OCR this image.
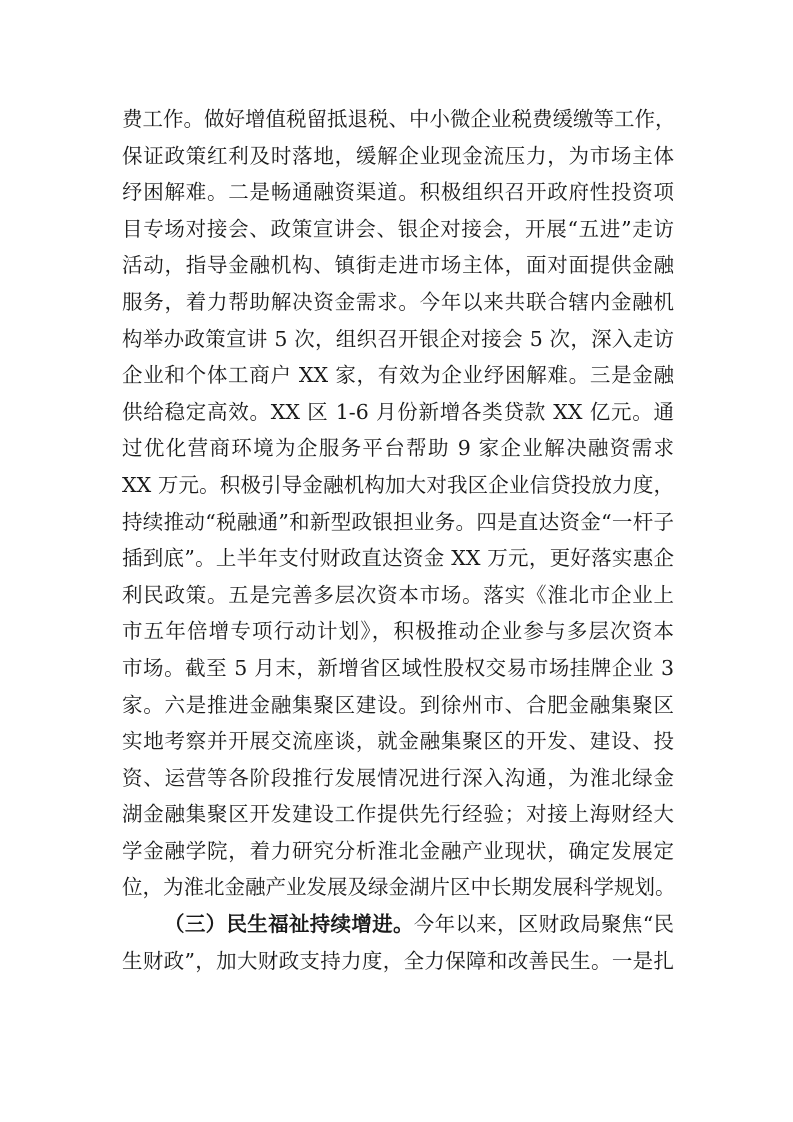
费工作。做好增值税留抵退税、中小微企业税费缓缴等工作，
保证政策红利及时落地，缓解企业现金流压力，为市场主体
纾困解难。二是畅通融资渠道。积极组织召开政府性投资项
目专场对接会、政策宣讲会、银企对接会，开展“五进”走访
活动，指导金融机构、镇街走进市场主体，面对面提供金融
服务，着力帮助解决资金需求。今年以来共联合辖内金融机
构举办政策宣讲 5 次，组织召开银企对接会 5 次，深入走访
企业和个体工商户 XX 家，有效为企业纾困解难。三是金融
供给稳定高效。XX 区 1-6 月份新增各类贷款 XX 亿元。通
过优化营商环境为企服务平台帮助 9 家企业解决融资需求
XX 万元。积极引导金融机构加大对我区企业信贷投放力度，
持续推动“税融通”和新型政银担业务。四是直达资金“一杆子
插到底”。上半年支付财政直达资金 XX 万元，更好落实惠企
利民政策。五是完善多层次资本市场。落实《淮北市企业上
市五年倍增专项行动计划》，积极推动企业参与多层次资本
市场。截至 5 月末，新增省区域性股权交易市场挂牌企业 3
家。六是推进金融集聚区建设。到徐州市、合肥金融集聚区
实地考察并开展交流座谈，就金融集聚区的开发、建设、投
资、运营等各阶段推行发展情况进行深入沟通，为淮北绿金
湖金融集聚区开发建设工作提供先行经验；对接上海财经大
学金融学院，着力研究分析淮北金融产业现状，确定发展定
位，为淮北金融产业发展及绿金湖片区中长期发展科学规划。
（三）民生福祉持续增进。今年以来，区财政局聚焦“民
生财政”，加大财政支持力度，全力保障和改善民生。一是扎
